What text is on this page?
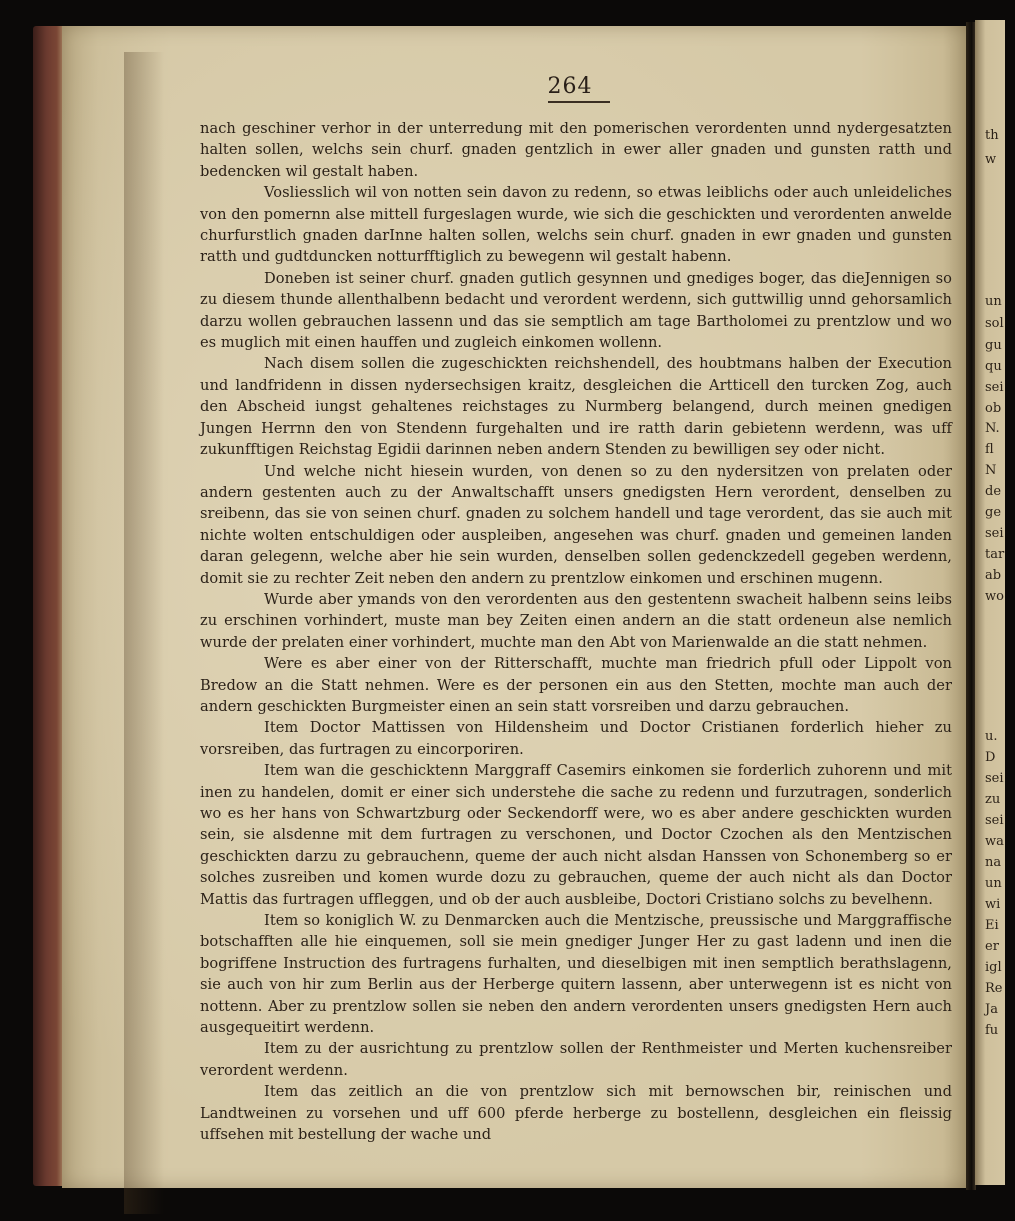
th
w
un
sol
gu
qu
sei
ob
N.
fl
N
de
ge
sei
tar
ab
wo
u.
D
sei
zu
sei
wa
na
un
wi
Ei
er
igl
Re
Ja
fu
264

nach geschiner verhor in der unterredung mit den pomerischen verordenten unnd nydergesatzten halten sollen, welchs sein churf. gnaden gentzlich in ewer aller gnaden und gunsten ratth und bedencken wil gestalt haben.

Vosliesslich wil von notten sein davon zu redenn, so etwas leiblichs oder auch unleideliches von den pomernn alse mittell furgeslagen wurde, wie sich die geschickten und verordenten anwelde churfurstlich gnaden darInne halten sollen, welchs sein churf. gnaden in ewr gnaden und gunsten ratth und gudtduncken notturfftiglich zu bewegenn wil gestalt habenn.

Doneben ist seiner churf. gnaden gutlich gesynnen und gnediges boger, das dieJennigen so zu diesem thunde allenthalbenn bedacht und verordent werdenn, sich guttwillig unnd gehorsamlich darzu wollen gebrauchen lassenn und das sie semptlich am tage Bartholomei zu prentzlow und wo es muglich mit einen hauffen und zugleich einkomen wollenn.

Nach disem sollen die zugeschickten reichshendell, des houbtmans halben der Execution und landfridenn in dissen nydersechsigen kraitz, desgleichen die Artticell den turcken Zog, auch den Abscheid iungst gehaltenes reichstages zu Nurmberg belangend, durch meinen gnedigen Jungen Herrnn den von Stendenn furgehalten und ire ratth darin gebietenn werdenn, was uff zukunfftigen Reichstag Egidii darinnen neben andern Stenden zu bewilligen sey oder nicht.

Und welche nicht hiesein wurden, von denen so zu den nydersitzen von prelaten oder andern gestenten auch zu der Anwaltschafft unsers gnedigsten Hern verordent, denselben zu sreibenn, das sie von seinen churf. gnaden zu solchem handell und tage verordent, das sie auch mit nichte wolten entschuldigen oder auspleiben, angesehen was churf. gnaden und gemeinen landen daran gelegenn, welche aber hie sein wurden, denselben sollen gedenckzedell gegeben werdenn, domit sie zu rechter Zeit neben den andern zu prentzlow einkomen und erschinen mugenn.

Wurde aber ymands von den verordenten aus den gestentenn swacheit halbenn seins leibs zu erschinen vorhindert, muste man bey Zeiten einen andern an die statt ordeneun alse nemlich wurde der prelaten einer vorhindert, muchte man den Abt von Marienwalde an die statt nehmen.

Were es aber einer von der Ritterschafft, muchte man friedrich pfull oder Lippolt von Bredow an die Statt nehmen. Were es der personen ein aus den Stetten, mochte man auch der andern geschickten Burgmeister einen an sein statt vorsreiben und darzu gebrauchen.

Item Doctor Mattissen von Hildensheim und Doctor Cristianen forderlich hieher zu vorsreiben, das furtragen zu eincorporiren.

Item wan die geschicktenn Marggraff Casemirs einkomen sie forderlich zuhorenn und mit inen zu handelen, domit er einer sich understehe die sache zu redenn und furzutragen, sonderlich wo es her hans von Schwartzburg oder Seckendorff were, wo es aber andere geschickten wurden sein, sie alsdenne mit dem furtragen zu verschonen, und Doctor Czochen als den Mentzischen geschickten darzu zu gebrauchenn, queme der auch nicht alsdan Hanssen von Schonemberg so er solches zusreiben und komen wurde dozu zu gebrauchen, queme der auch nicht als dan Doctor Mattis das furtragen uffleggen, und ob der auch ausbleibe, Doctori Cristiano solchs zu bevelhenn.

Item so koniglich W. zu Denmarcken auch die Mentzische, preussische und Marggraffische botschafften alle hie einquemen, soll sie mein gnediger Junger Her zu gast ladenn und inen die bogriffene Instruction des furtragens furhalten, und dieselbigen mit inen semptlich berathslagenn, sie auch von hir zum Berlin aus der Herberge quitern lassenn, aber unterwegenn ist es nicht von nottenn. Aber zu prentzlow sollen sie neben den andern verordenten unsers gnedigsten Hern auch ausgequeitirt werdenn.

Item zu der ausrichtung zu prentzlow sollen der Renthmeister und Merten kuchensreiber verordent werdenn.

Item das zeitlich an die von prentzlow sich mit bernowschen bir, reinischen und Landtweinen zu vorsehen und uff 600 pferde herberge zu bostellenn, desgleichen ein fleissig uffsehen mit bestellung der wache und
